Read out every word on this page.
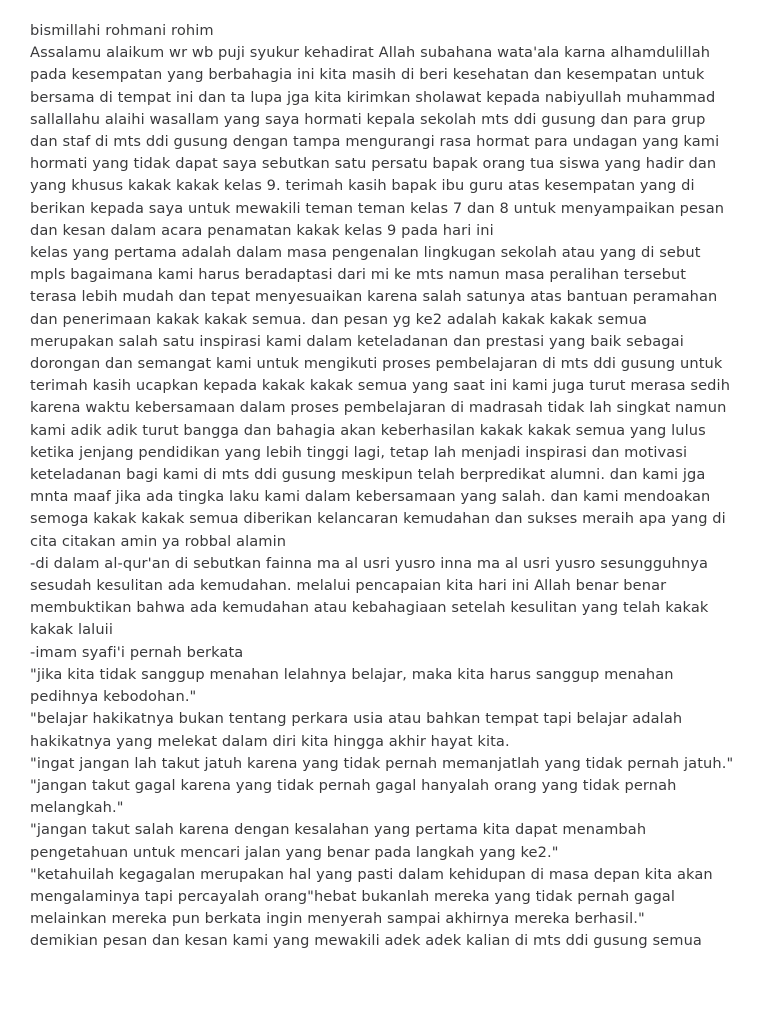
bismillahi rohmani rohim

Assalamu alaikum wr wb puji syukur kehadirat Allah subahana wata'ala karna alhamdulillah

pada kesempatan yang berbahagia ini kita masih di beri kesehatan dan kesempatan untuk

bersama di tempat ini dan ta lupa jga kita kirimkan sholawat kepada nabiyullah muhammad

sallallahu alaihi wasallam yang saya hormati kepala sekolah mts ddi gusung dan para grup

dan staf di mts ddi gusung dengan tampa mengurangi rasa hormat para undagan yang kami

hormati yang tidak dapat saya sebutkan satu persatu bapak orang tua siswa yang hadir dan

yang khusus kakak kakak kelas 9. terimah kasih bapak ibu guru atas kesempatan yang di

berikan kepada saya untuk mewakili teman teman kelas 7 dan 8 untuk menyampaikan pesan

dan kesan dalam acara penamatan kakak kelas 9 pada hari ini

kelas yang pertama adalah dalam masa pengenalan lingkugan sekolah atau yang di sebut

mpls bagaimana kami harus beradaptasi dari mi ke mts namun masa peralihan tersebut

terasa lebih mudah dan tepat menyesuaikan karena salah satunya atas bantuan peramahan

dan penerimaan kakak kakak semua. dan pesan yg ke2 adalah kakak kakak semua

merupakan salah satu inspirasi kami dalam keteladanan dan prestasi yang baik sebagai

dorongan dan semangat kami untuk mengikuti proses pembelajaran di mts ddi gusung untuk

terimah kasih ucapkan kepada kakak kakak semua yang saat ini kami juga turut merasa sedih

karena waktu kebersamaan dalam proses pembelajaran di madrasah tidak lah singkat namun

kami adik adik turut bangga dan bahagia akan keberhasilan kakak kakak semua yang lulus

ketika jenjang pendidikan yang lebih tinggi lagi, tetap lah menjadi inspirasi dan motivasi

keteladanan bagi kami di mts ddi gusung meskipun telah berpredikat alumni. dan kami jga

mnta maaf jika ada tingka laku kami dalam kebersamaan yang salah. dan kami mendoakan

semoga kakak kakak semua diberikan kelancaran kemudahan dan sukses meraih apa yang di

cita citakan amin ya robbal alamin

-di dalam al-qur'an di sebutkan fainna ma al usri yusro inna ma al usri yusro sesungguhnya

sesudah kesulitan ada kemudahan. melalui pencapaian kita hari ini Allah benar benar

membuktikan bahwa ada kemudahan atau kebahagiaan setelah kesulitan yang telah kakak

kakak laluii

-imam syafi'i pernah berkata

"jika kita tidak sanggup menahan lelahnya belajar, maka kita harus sanggup menahan

pedihnya kebodohan."

"belajar hakikatnya bukan tentang perkara usia atau bahkan tempat tapi belajar adalah

hakikatnya yang melekat dalam diri kita hingga akhir hayat kita.

"ingat jangan lah takut jatuh karena yang tidak pernah memanjatlah yang tidak pernah jatuh."

"jangan takut gagal karena yang tidak pernah gagal hanyalah orang yang tidak pernah

melangkah."

"jangan takut salah karena dengan kesalahan yang pertama kita dapat menambah

pengetahuan untuk mencari jalan yang benar pada langkah yang ke2."

"ketahuilah kegagalan merupakan hal yang pasti dalam kehidupan di masa depan kita akan

mengalaminya tapi percayalah orang"hebat bukanlah mereka yang tidak pernah gagal

melainkan mereka pun berkata ingin menyerah sampai akhirnya mereka berhasil."

demikian pesan dan kesan kami yang mewakili adek adek kalian di mts ddi gusung semua
